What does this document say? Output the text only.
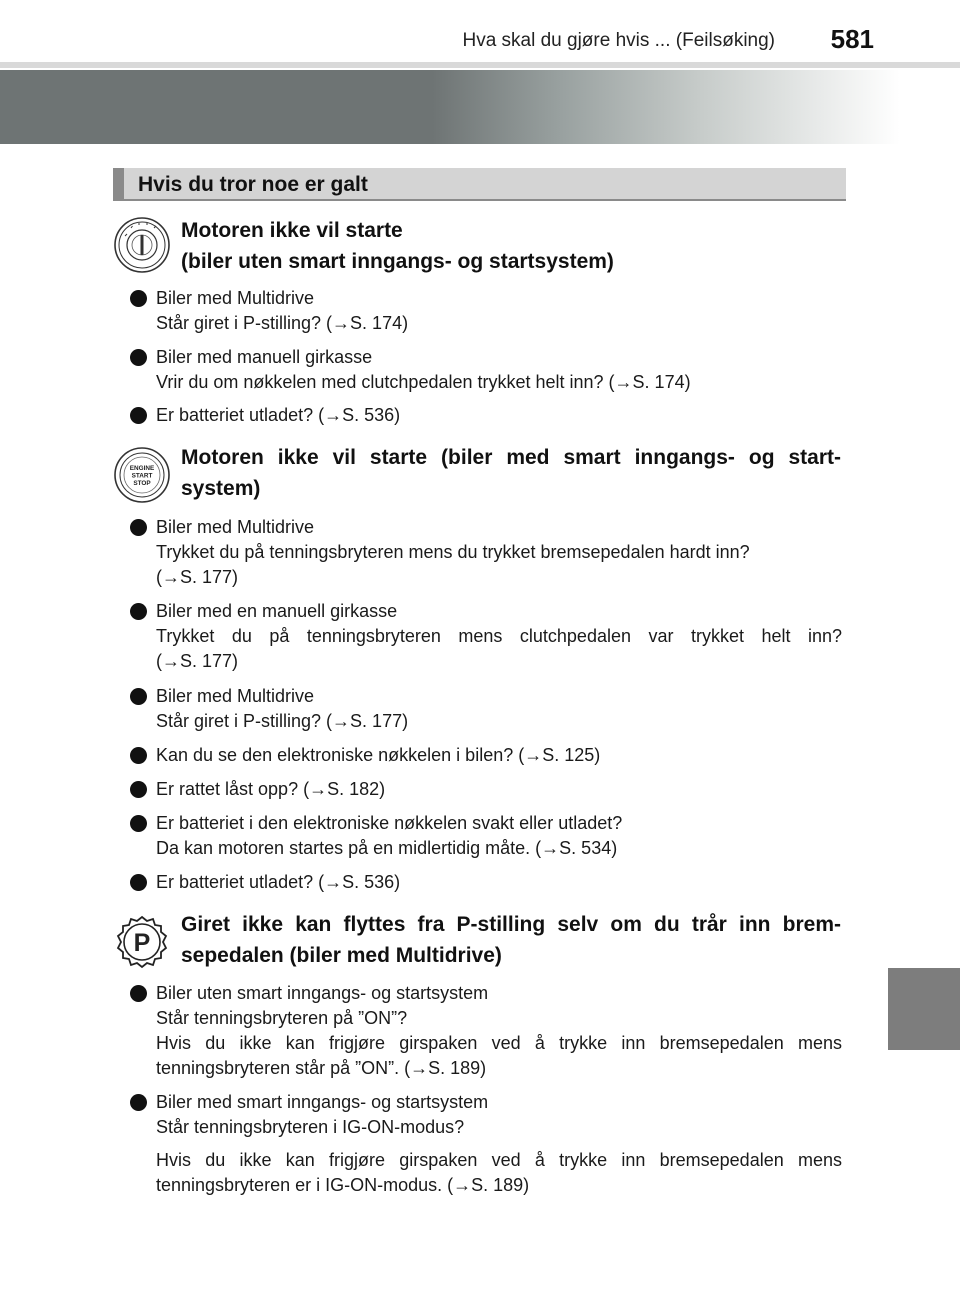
Hva skal du gjøre hvis ... (Feilsøking) 581
Hvis du tror noe er galt
Motoren ikke vil starte
(biler uten smart inngangs- og startsystem)
Biler med Multidrive
Står giret i P-stilling? (→S. 174)
Biler med manuell girkasse
Vrir du om nøkkelen med clutchpedalen trykket helt inn? (→S. 174)
Er batteriet utladet? (→S. 536)
ENGINE
START
STOP
Motoren ikke vil starte (biler med smart inngangs- og start-
system)
Biler med Multidrive
Trykket du på tenningsbryteren mens du trykket bremsepedalen hardt inn?
(→S. 177)
Biler med en manuell girkasse
Trykket du på tenningsbryteren mens clutchpedalen var trykket helt inn?
(→S. 177)
Biler med Multidrive
Står giret i P-stilling? (→S. 177)
Kan du se den elektroniske nøkkelen i bilen? (→S. 125)
Er rattet låst opp? (→S. 182)
Er batteriet i den elektroniske nøkkelen svakt eller utladet?
Da kan motoren startes på en midlertidig måte. (→S. 534)
Er batteriet utladet? (→S. 536)
P
Giret ikke kan flyttes fra P-stilling selv om du trår inn brem-
sepedalen (biler med Multidrive)
Biler uten smart inngangs- og startsystem
Står tenningsbryteren på ”ON”?
Hvis du ikke kan frigjøre girspaken ved å trykke inn bremsepedalen mens
tenningsbryteren står på ”ON”. (→S. 189)
Biler med smart inngangs- og startsystem
Står tenningsbryteren i IG-ON-modus?
Hvis du ikke kan frigjøre girspaken ved å trykke inn bremsepedalen mens
tenningsbryteren er i IG-ON-modus. (→S. 189)
